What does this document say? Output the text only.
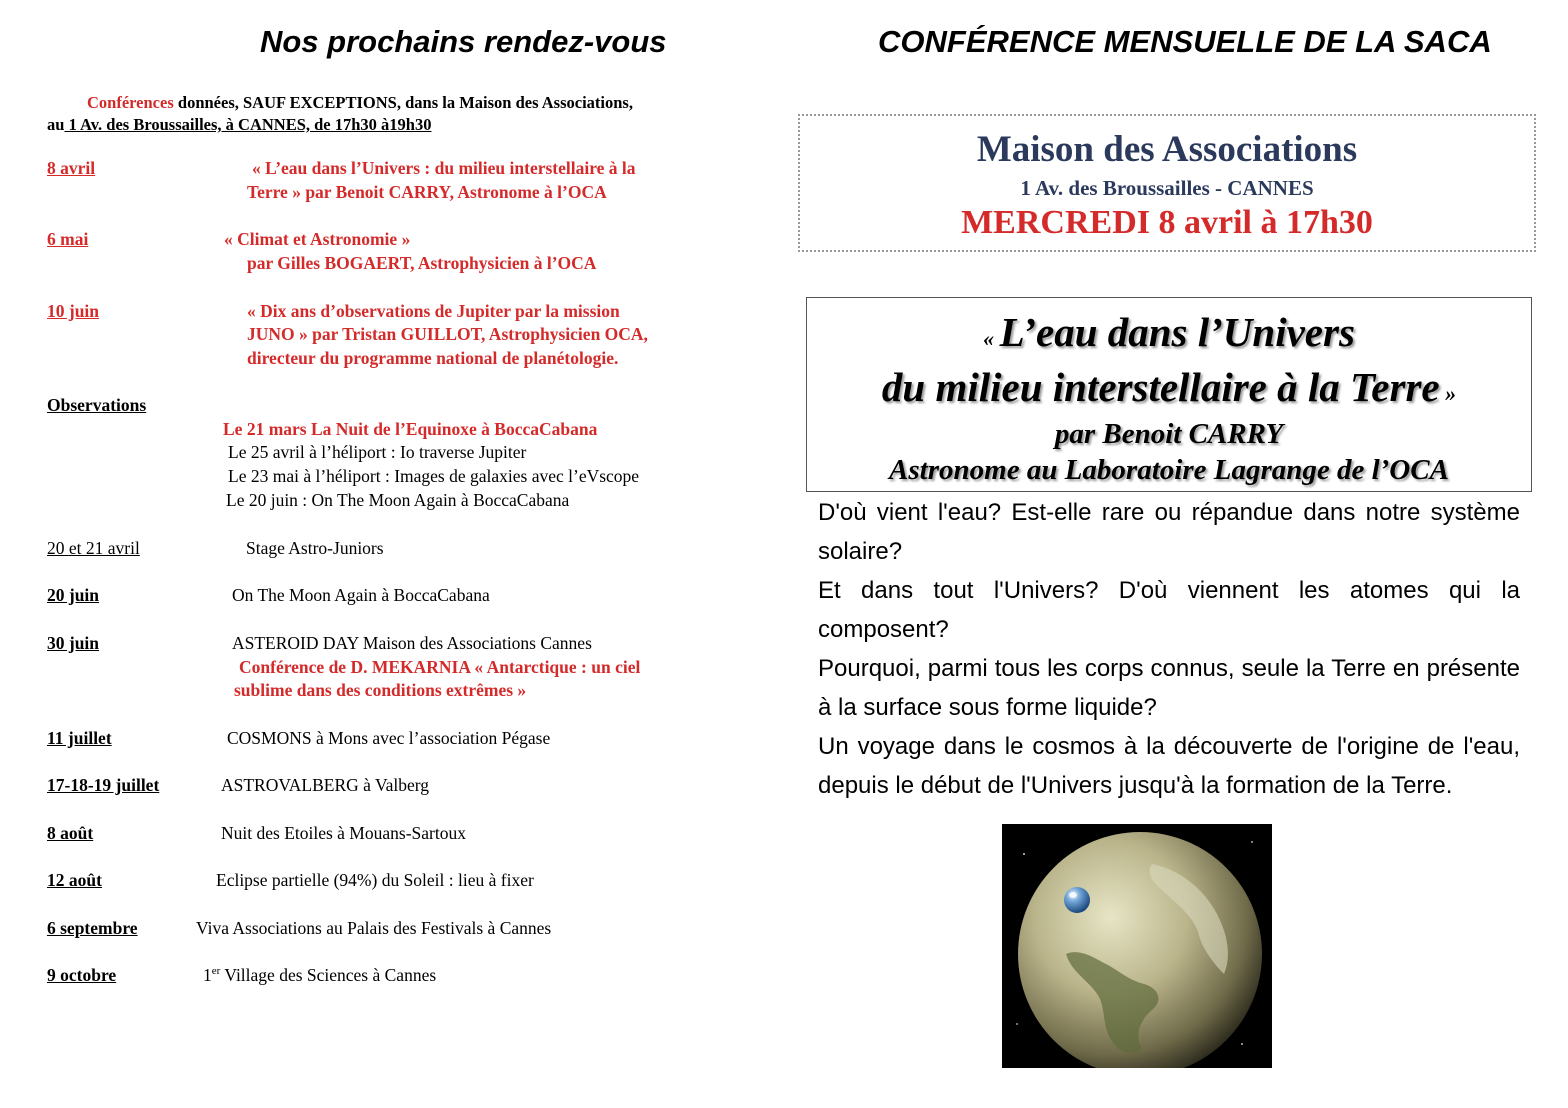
Nos prochains rendez-vous
Conférences données, SAUF EXCEPTIONS, dans la Maison des Associations,
au 1 Av. des Broussailles, à CANNES, de 17h30 à19h30
8 avril	« L’eau dans l’Univers : du milieu interstellaire à la
Terre » par Benoit CARRY, Astronome à l’OCA
6 mai	« Climat et Astronomie »
par Gilles BOGAERT, Astrophysicien à l’OCA
10 juin	« Dix ans d’observations de Jupiter par la mission
JUNO » par Tristan GUILLOT, Astrophysicien OCA,
directeur du programme national de planétologie.
Observations
Le 21 mars La Nuit de l’Equinoxe à BoccaCabana
Le 25 avril à l’héliport : Io traverse Jupiter
Le 23 mai à l’héliport : Images de galaxies avec l’eVscope
Le 20 juin : On The Moon Again à BoccaCabana
20 et 21 avril	Stage Astro-Juniors
20 juin	On The Moon Again à BoccaCabana
30 juin	ASTEROID DAY Maison des Associations Cannes
Conférence de D. MEKARNIA « Antarctique : un ciel
sublime dans des conditions extrêmes »
11 juillet	COSMONS à Mons avec l’association Pégase
17-18-19 juillet	ASTROVALBERG à Valberg
8 août	Nuit des Etoiles à Mouans-Sartoux
12 août	Eclipse partielle (94%) du Soleil : lieu à fixer
6 septembre	Viva Associations au Palais des Festivals à Cannes
9 octobre	1er Village des Sciences à Cannes
CONFÉRENCE MENSUELLE DE LA SACA
Maison des Associations
1 Av. des Broussailles - CANNES
MERCREDI 8 avril à 17h30
« L’eau dans l’Univers
du milieu interstellaire à la Terre »
par Benoit CARRY
Astronome au Laboratoire Lagrange de l’OCA

D'où vient l'eau? Est-elle rare ou répandue dans notre système solaire?

Et dans tout l'Univers? D'où viennent les atomes qui la composent?

Pourquoi, parmi tous les corps connus, seule la Terre en présente à la surface sous forme liquide?

Un voyage dans le cosmos à la découverte de l'origine de l'eau, depuis le début de l'Univers jusqu'à la formation de la Terre.
